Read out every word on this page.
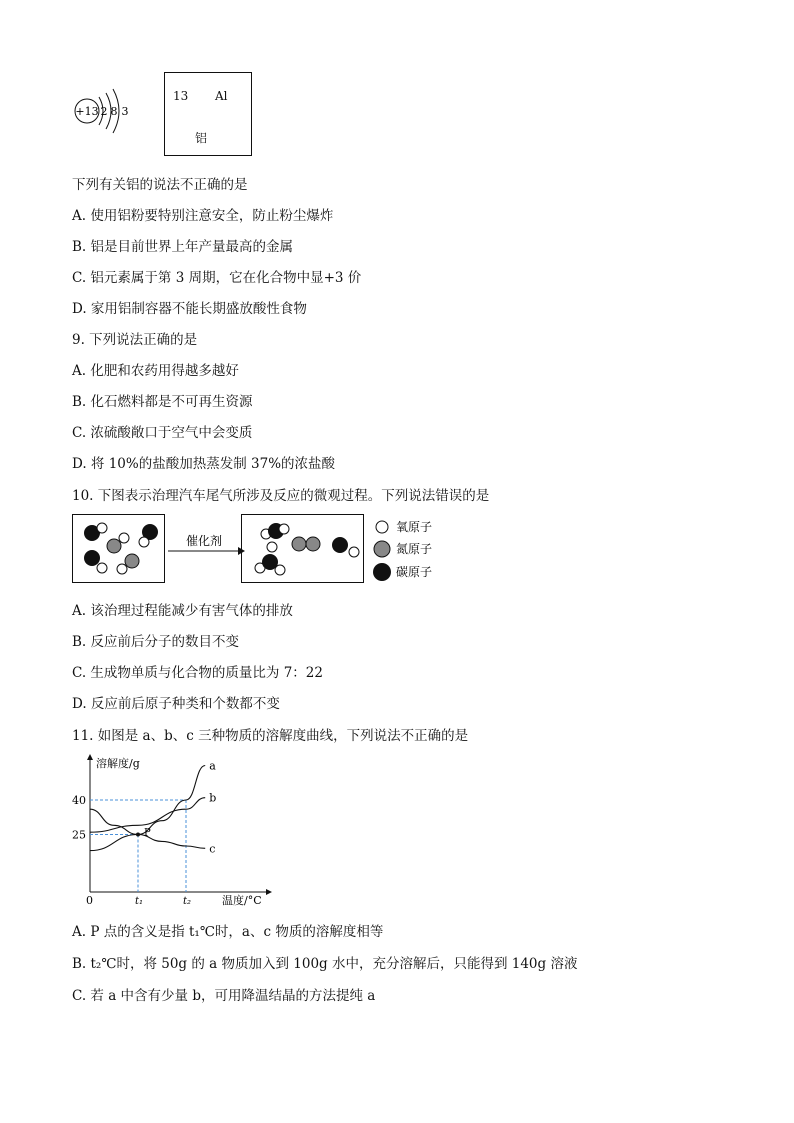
+13 2 8 3
13 Al
铝
下列有关铝的说法不正确的是
A. 使用铝粉要特别注意安全，防止粉尘爆炸
B. 铝是目前世界上年产量最高的金属
C. 铝元素属于第 3 周期，它在化合物中显+3 价
D. 家用铝制容器不能长期盛放酸性食物
9. 下列说法正确的是
A. 化肥和农药用得越多越好
B. 化石燃料都是不可再生资源
C. 浓硫酸敞口于空气中会变质
D. 将 10%的盐酸加热蒸发制 37%的浓盐酸
10. 下图表示治理汽车尾气所涉及反应的微观过程。下列说法错误的是
催化剂
氧原子
氮原子
碳原子
A. 该治理过程能减少有害气体的排放
B. 反应前后分子的数目不变
C. 生成物单质与化合物的质量比为 7：22
D. 反应前后原子种类和个数都不变
11. 如图是 a、b、c 三种物质的溶解度曲线，下列说法不正确的是
溶解度/g
温度/°C
0
40
25
t₁	t₂
a
b
c
P
A. P 点的含义是指 t₁℃时，a、c 物质的溶解度相等
B. t₂℃时，将 50g 的 a 物质加入到 100g 水中，充分溶解后，只能得到 140g 溶液
C. 若 a 中含有少量 b，可用降温结晶的方法提纯 a
